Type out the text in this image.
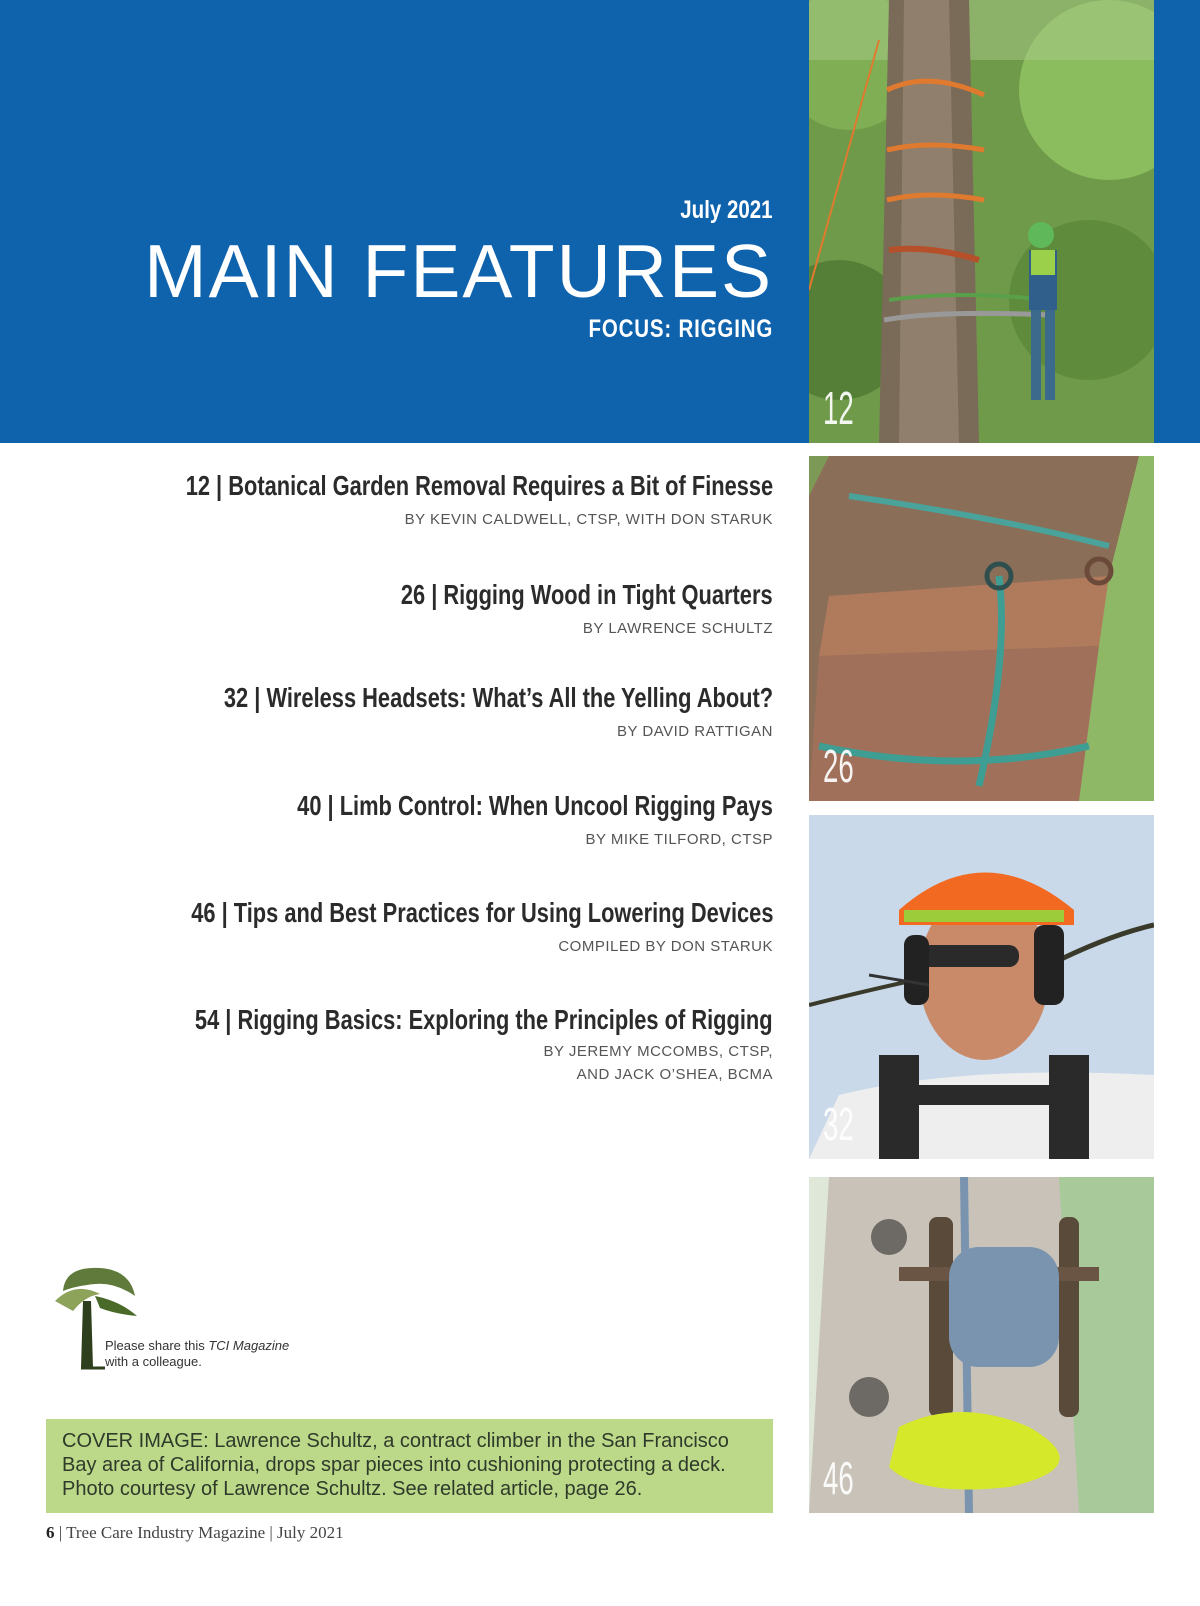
July 2021
MAIN FEATURES
FOCUS: RIGGING
12
26
32
46
12 | Botanical Garden Removal Requires a Bit of Finesse
BY KEVIN CALDWELL, CTSP, WITH DON STARUK
26 | Rigging Wood in Tight Quarters
BY LAWRENCE SCHULTZ
32 | Wireless Headsets: What’s All the Yelling About?
BY DAVID RATTIGAN
40 | Limb Control: When Uncool Rigging Pays
BY MIKE TILFORD, CTSP
46 | Tips and Best Practices for Using Lowering Devices
COMPILED BY DON STARUK
54 | Rigging Basics: Exploring the Principles of Rigging
BY JEREMY MCCOMBS, CTSP,
AND JACK O’SHEA, BCMA
Please share this TCI Magazine
with a colleague.
COVER IMAGE: Lawrence Schultz, a contract climber in the San Francisco Bay area of California, drops spar pieces into cushioning protecting a deck. Photo courtesy of Lawrence Schultz. See related article, page 26.
6 | Tree Care Industry Magazine | July 2021
